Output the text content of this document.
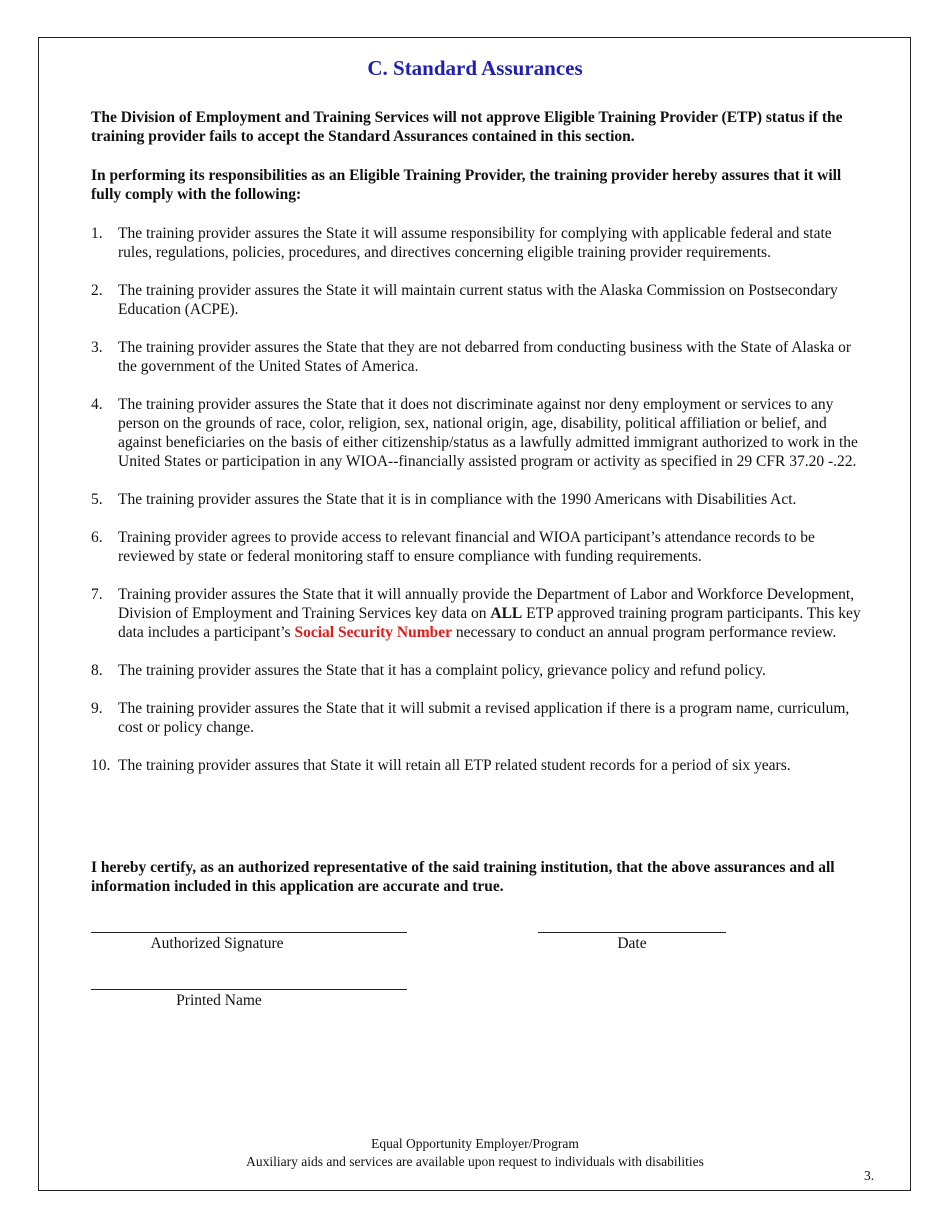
C. Standard Assurances
The Division of Employment and Training Services will not approve Eligible Training Provider (ETP) status if the training provider fails to accept the Standard Assurances contained in this section.
In performing its responsibilities as an Eligible Training Provider, the training provider hereby assures that it will fully comply with the following:
1. The training provider assures the State it will assume responsibility for complying with applicable federal and state rules, regulations, policies, procedures, and directives concerning eligible training provider requirements.
2. The training provider assures the State it will maintain current status with the Alaska Commission on Postsecondary Education (ACPE).
3. The training provider assures the State that they are not debarred from conducting business with the State of Alaska or the government of the United States of America.
4. The training provider assures the State that it does not discriminate against nor deny employment or services to any person on the grounds of race, color, religion, sex, national origin, age, disability, political affiliation or belief, and against beneficiaries on the basis of either citizenship/status as a lawfully admitted immigrant authorized to work in the United States or participation in any WIOA--financially assisted program or activity as specified in 29 CFR 37.20 -.22.
5. The training provider assures the State that it is in compliance with the 1990 Americans with Disabilities Act.
6. Training provider agrees to provide access to relevant financial and WIOA participant’s attendance records to be reviewed by state or federal monitoring staff to ensure compliance with funding requirements.
7. Training provider assures the State that it will annually provide the Department of Labor and Workforce Development, Division of Employment and Training Services key data on ALL ETP approved training program participants. This key data includes a participant’s Social Security Number necessary to conduct an annual program performance review.
8. The training provider assures the State that it has a complaint policy, grievance policy and refund policy.
9. The training provider assures the State that it will submit a revised application if there is a program name, curriculum, cost or policy change.
10. The training provider assures that State it will retain all ETP related student records for a period of six years.
I hereby certify, as an authorized representative of the said training institution, that the above assurances and all information included in this application are accurate and true.
Authorized Signature	Date
Printed Name
Equal Opportunity Employer/Program
Auxiliary aids and services are available upon request to individuals with disabilities
3.
